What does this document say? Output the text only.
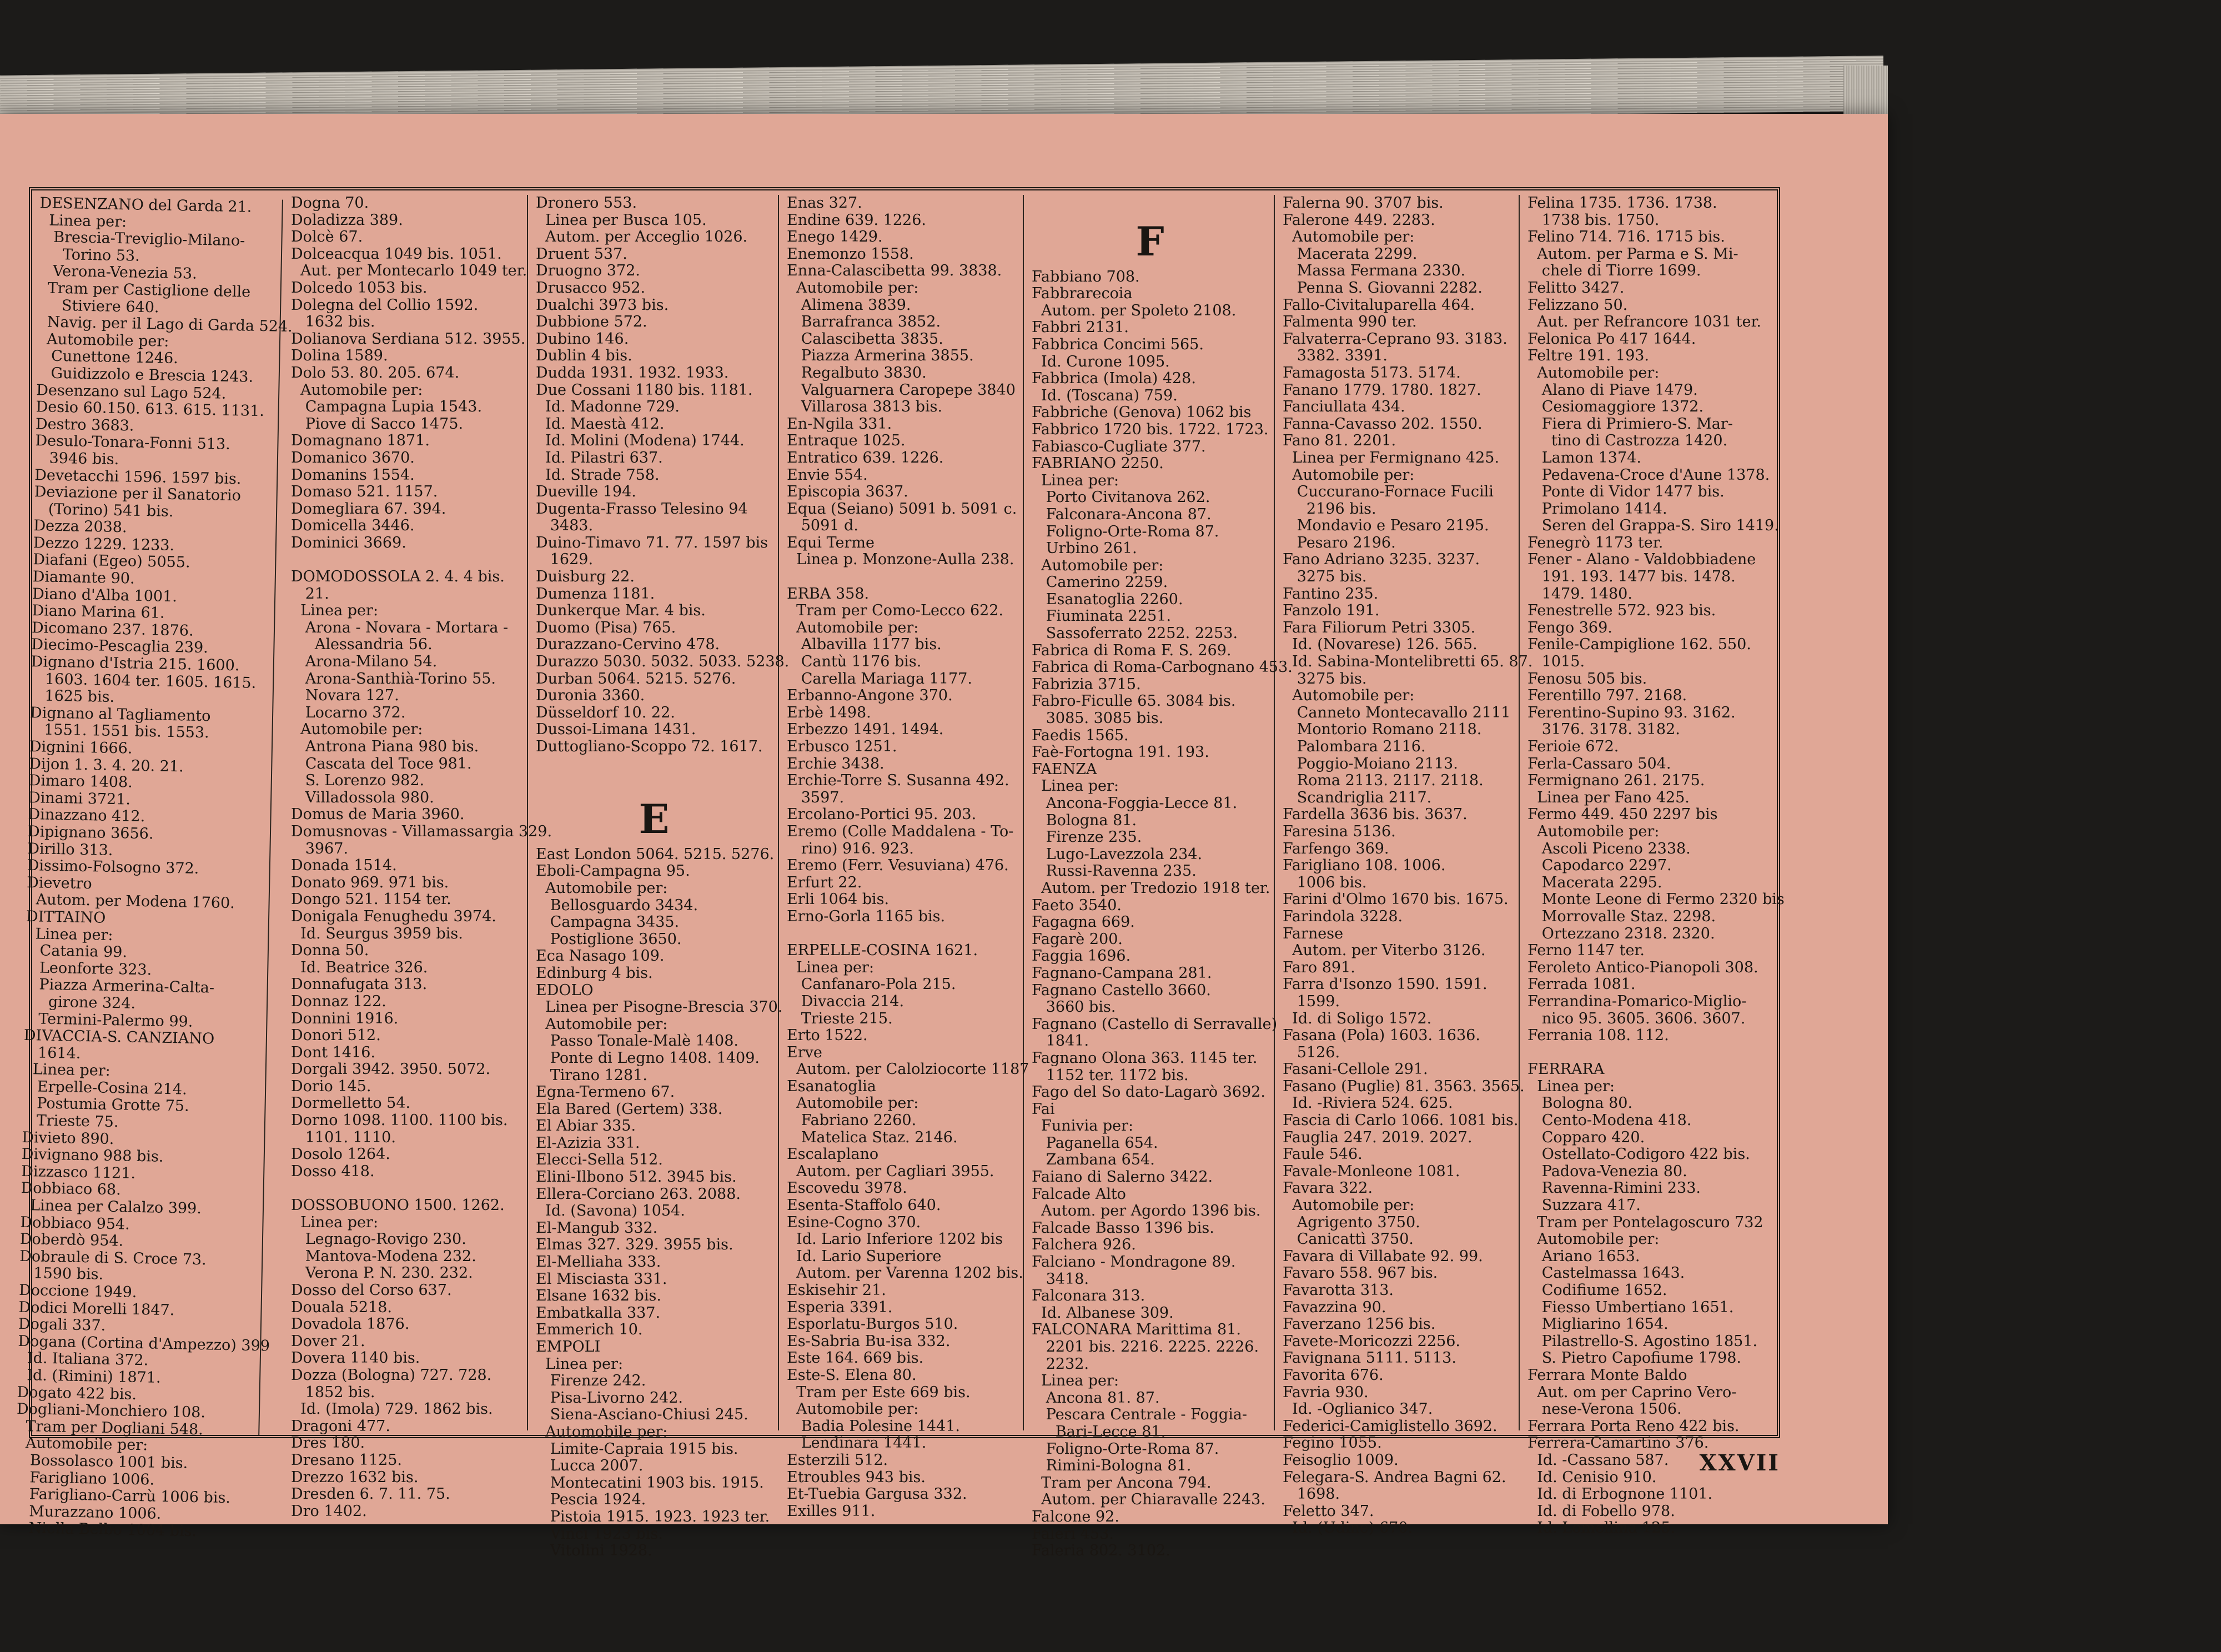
DESENZANO del Garda 21.
Linea per:
Brescia-Treviglio-Milano-
Torino 53.
Verona-Venezia 53.
Tram per Castiglione delle
Stiviere 640.
Navig. per il Lago di Garda 524.
Automobile per:
Cunettone 1246.
Guidizzolo e Brescia 1243.
Desenzano sul Lago 524.
Desio 60.150. 613. 615. 1131.
Destro 3683.
Desulo-Tonara-Fonni 513.
3946 bis.
Devetacchi 1596. 1597 bis.
Deviazione per il Sanatorio
(Torino) 541 bis.
Dezza 2038.
Dezzo 1229. 1233.
Diafani (Egeo) 5055.
Diamante 90.
Diano d'Alba 1001.
Diano Marina 61.
Dicomano 237. 1876.
Diecimo-Pescaglia 239.
Dignano d'Istria 215. 1600.
1603. 1604 ter. 1605. 1615.
1625 bis.
Dignano al Tagliamento
1551. 1551 bis. 1553.
Dignini 1666.
Dijon 1. 3. 4. 20. 21.
Dimaro 1408.
Dinami 3721.
Dinazzano 412.
Dipignano 3656.
Dirillo 313.
Dissimo-Folsogno 372.
Dievetro
Autom. per Modena 1760.
DITTAINO
Linea per:
Catania 99.
Leonforte 323.
Piazza Armerina-Calta-
girone 324.
Termini-Palermo 99.
DIVACCIA-S. CANZIANO
1614.
Linea per:
Erpelle-Cosina 214.
Postumia Grotte 75.
Trieste 75.
Divieto 890.
Divignano 988 bis.
Dizzasco 1121.
Dobbiaco 68.
Linea per Calalzo 399.
Dobbiaco 954.
Doberdò 954.
Dobraule di S. Croce 73.
1590 bis.
Doccione 1949.
Dodici Morelli 1847.
Dogali 337.
Dogana (Cortina d'Ampezzo) 399
Id. Italiana 372.
Id. (Rimini) 1871.
Dogato 422 bis.
Dogliani-Monchiero 108.
Tram per Dogliani 548.
Automobile per:
Bossolasco 1001 bis.
Farigliano 1006.
Farigliano-Carrù 1006 bis.
Murazzano 1006.
Niella Belbo 1004 bis.
Dogna 70.
Doladizza 389.
Dolcè 67.
Dolceacqua 1049 bis. 1051.
Aut. per Montecarlo 1049 ter.
Dolcedo 1053 bis.
Dolegna del Collio 1592.
1632 bis.
Dolianova Serdiana 512. 3955.
Dolina 1589.
Dolo 53. 80. 205. 674.
Automobile per:
Campagna Lupia 1543.
Piove di Sacco 1475.
Domagnano 1871.
Domanico 3670.
Domanins 1554.
Domaso 521. 1157.
Domegliara 67. 394.
Domicella 3446.
Dominici 3669.

DOMODOSSOLA 2. 4. 4 bis.
21.
Linea per:
Arona - Novara - Mortara -
Alessandria 56.
Arona-Milano 54.
Arona-Santhià-Torino 55.
Novara 127.
Locarno 372.
Automobile per:
Antrona Piana 980 bis.
Cascata del Toce 981.
S. Lorenzo 982.
Villadossola 980.
Domus de Maria 3960.
Domusnovas - Villamassargia 329.
3967.
Donada 1514.
Donato 969. 971 bis.
Dongo 521. 1154 ter.
Donigala Fenughedu 3974.
Id. Seurgus 3959 bis.
Donna 50.
Id. Beatrice 326.
Donnafugata 313.
Donnaz 122.
Donnini 1916.
Donori 512.
Dont 1416.
Dorgali 3942. 3950. 5072.
Dorio 145.
Dormelletto 54.
Dorno 1098. 1100. 1100 bis.
1101. 1110.
Dosolo 1264.
Dosso 418.

DOSSOBUONO 1500. 1262.
Linea per:
Legnago-Rovigo 230.
Mantova-Modena 232.
Verona P. N. 230. 232.
Dosso del Corso 637.
Douala 5218.
Dovadola 1876.
Dover 21.
Dovera 1140 bis.
Dozza (Bologna) 727. 728.
1852 bis.
Id. (Imola) 729. 1862 bis.
Dragoni 477.
Dres 180.
Dresano 1125.
Drezzo 1632 bis.
Dresden 6. 7. 11. 75.
Dro 1402.
Dronero 553.
Linea per Busca 105.
Autom. per Acceglio 1026.
Druent 537.
Druogno 372.
Drusacco 952.
Dualchi 3973 bis.
Dubbione 572.
Dubino 146.
Dublin 4 bis.
Dudda 1931. 1932. 1933.
Due Cossani 1180 bis. 1181.
Id. Madonne 729.
Id. Maestà 412.
Id. Molini (Modena) 1744.
Id. Pilastri 637.
Id. Strade 758.
Dueville 194.
Dugenta-Frasso Telesino 94
3483.
Duino-Timavo 71. 77. 1597 bis
1629.
Duisburg 22.
Dumenza 1181.
Dunkerque Mar. 4 bis.
Duomo (Pisa) 765.
Durazzano-Cervino 478.
Durazzo 5030. 5032. 5033. 5238.
Durban 5064. 5215. 5276.
Duronia 3360.
Düsseldorf 10. 22.
Dussoi-Limana 1431.
Duttogliano-Scoppo 72. 1617.

E
East London 5064. 5215. 5276.
Eboli-Campagna 95.
Automobile per:
Bellosguardo 3434.
Campagna 3435.
Postiglione 3650.
Eca Nasago 109.
Edinburg 4 bis.
EDOLO
Linea per Pisogne-Brescia 370.
Automobile per:
Passo Tonale-Malè 1408.
Ponte di Legno 1408. 1409.
Tirano 1281.
Egna-Termeno 67.
Ela Bared (Gertem) 338.
El Abiar 335.
El-Azizia 331.
Elecci-Sella 512.
Elini-Ilbono 512. 3945 bis.
Ellera-Corciano 263. 2088.
Id. (Savona) 1054.
El-Mangub 332.
Elmas 327. 329. 3955 bis.
El-Melliaha 333.
El Misciasta 331.
Elsane 1632 bis.
Embatkalla 337.
Emmerich 10.
EMPOLI
Linea per:
Firenze 242.
Pisa-Livorno 242.
Siena-Asciano-Chiusi 245.
Automobile per:
Limite-Capraia 1915 bis.
Lucca 2007.
Montecatini 1903 bis. 1915.
Pescia 1924.
Pistoia 1915. 1923. 1923 ter.
Vinci 1923 bis.
Vitolini 1928.
Enas 327.
Endine 639. 1226.
Enego 1429.
Enemonzo 1558.
Enna-Calascibetta 99. 3838.
Automobile per:
Alimena 3839.
Barrafranca 3852.
Calascibetta 3835.
Piazza Armerina 3855.
Regalbuto 3830.
Valguarnera Caropepe 3840
Villarosa 3813 bis.
En-Ngila 331.
Entraque 1025.
Entratico 639. 1226.
Envie 554.
Episcopia 3637.
Equa (Seiano) 5091 b. 5091 c.
5091 d.
Equi Terme
Linea p. Monzone-Aulla 238.

ERBA 358.
Tram per Como-Lecco 622.
Automobile per:
Albavilla 1177 bis.
Cantù 1176 bis.
Carella Mariaga 1177.
Erbanno-Angone 370.
Erbè 1498.
Erbezzo 1491. 1494.
Erbusco 1251.
Erchie 3438.
Erchie-Torre S. Susanna 492.
3597.
Ercolano-Portici 95. 203.
Eremo (Colle Maddalena - To-
rino) 916. 923.
Eremo (Ferr. Vesuviana) 476.
Erfurt 22.
Erli 1064 bis.
Erno-Gorla 1165 bis.

ERPELLE-COSINA 1621.
Linea per:
Canfanaro-Pola 215.
Divaccia 214.
Trieste 215.
Erto 1522.
Erve
Autom. per Calolziocorte 1187
Esanatoglia
Automobile per:
Fabriano 2260.
Matelica Staz. 2146.
Escalaplano
Autom. per Cagliari 3955.
Escovedu 3978.
Esenta-Staffolo 640.
Esine-Cogno 370.
Id. Lario Inferiore 1202 bis
Id. Lario Superiore
Autom. per Varenna 1202 bis.
Eskisehir 21.
Esperia 3391.
Esporlatu-Burgos 510.
Es-Sabria Bu-isa 332.
Este 164. 669 bis.
Este-S. Elena 80.
Tram per Este 669 bis.
Automobile per:
Badia Polesine 1441.
Lendinara 1441.
Esterzili 512.
Etroubles 943 bis.
Et-Tuebia Gargusa 332.
Exilles 911.

F
Fabbiano 708.
Fabbrarecoia
Autom. per Spoleto 2108.
Fabbri 2131.
Fabbrica Concimi 565.
Id. Curone 1095.
Fabbrica (Imola) 428.
Id. (Toscana) 759.
Fabbriche (Genova) 1062 bis
Fabbrico 1720 bis. 1722. 1723.
Fabiasco-Cugliate 377.
FABRIANO 2250.
Linea per:
Porto Civitanova 262.
Falconara-Ancona 87.
Foligno-Orte-Roma 87.
Urbino 261.
Automobile per:
Camerino 2259.
Esanatoglia 2260.
Fiuminata 2251.
Sassoferrato 2252. 2253.
Fabrica di Roma F. S. 269.
Fabrica di Roma-Carbognano 453.
Fabrizia 3715.
Fabro-Ficulle 65. 3084 bis.
3085. 3085 bis.
Faedis 1565.
Faè-Fortogna 191. 193.
FAENZA
Linea per:
Ancona-Foggia-Lecce 81.
Bologna 81.
Firenze 235.
Lugo-Lavezzola 234.
Russi-Ravenna 235.
Autom. per Tredozio 1918 ter.
Faeto 3540.
Fagagna 669.
Fagarè 200.
Faggia 1696.
Fagnano-Campana 281.
Fagnano Castello 3660.
3660 bis.
Fagnano (Castello di Serravalle)
1841.
Fagnano Olona 363. 1145 ter.
1152 ter. 1172 bis.
Fago del So dato-Lagarò 3692.
Fai
Funivia per:
Paganella 654.
Zambana 654.
Faiano di Salerno 3422.
Falcade Alto
Autom. per Agordo 1396 bis.
Falcade Basso 1396 bis.
Falchera 926.
Falciano - Mondragone 89.
3418.
Falconara 313.
Id. Albanese 309.
FALCONARA Marittima 81.
2201 bis. 2216. 2225. 2226.
2232.
Linea per:
Ancona 81. 87.
Pescara Centrale - Foggia-
Bari-Lecce 81.
Foligno-Orte-Roma 87.
Rimini-Bologna 81.
Tram per Ancona 794.
Autom. per Chiaravalle 2243.
Falcone 92.
Faleri 453.
Faleria 802. 3102.
Falerna 90. 3707 bis.
Falerone 449. 2283.
Automobile per:
Macerata 2299.
Massa Fermana 2330.
Penna S. Giovanni 2282.
Fallo-Civitaluparella 464.
Falmenta 990 ter.
Falvaterra-Ceprano 93. 3183.
3382. 3391.
Famagosta 5173. 5174.
Fanano 1779. 1780. 1827.
Fanciullata 434.
Fanna-Cavasso 202. 1550.
Fano 81. 2201.
Linea per Fermignano 425.
Automobile per:
Cuccurano-Fornace Fucili
2196 bis.
Mondavio e Pesaro 2195.
Pesaro 2196.
Fano Adriano 3235. 3237.
3275 bis.
Fantino 235.
Fanzolo 191.
Fara Filiorum Petri 3305.
Id. (Novarese) 126. 565.
Id. Sabina-Montelibretti 65. 87.
3275 bis.
Automobile per:
Canneto Montecavallo 2111
Montorio Romano 2118.
Palombara 2116.
Poggio-Moiano 2113.
Roma 2113. 2117. 2118.
Scandriglia 2117.
Fardella 3636 bis. 3637.
Faresina 5136.
Farfengo 369.
Farigliano 108. 1006.
1006 bis.
Farini d'Olmo 1670 bis. 1675.
Farindola 3228.
Farnese
Autom. per Viterbo 3126.
Faro 891.
Farra d'Isonzo 1590. 1591.
1599.
Id. di Soligo 1572.
Fasana (Pola) 1603. 1636.
5126.
Fasani-Cellole 291.
Fasano (Puglie) 81. 3563. 3565.
Id. -Riviera 524. 625.
Fascia di Carlo 1066. 1081 bis.
Fauglia 247. 2019. 2027.
Faule 546.
Favale-Monleone 1081.
Favara 322.
Automobile per:
Agrigento 3750.
Canicattì 3750.
Favara di Villabate 92. 99.
Favaro 558. 967 bis.
Favarotta 313.
Favazzina 90.
Faverzano 1256 bis.
Favete-Moricozzi 2256.
Favignana 5111. 5113.
Favorita 676.
Favria 930.
Id. -Oglianico 347.
Federici-Camiglistello 3692.
Fegino 1055.
Feisoglio 1009.
Felegara-S. Andrea Bagni 62.
1698.
Feletto 347.
Id. (Udine) 670.
Felina 1735. 1736. 1738.
1738 bis. 1750.
Felino 714. 716. 1715 bis.
Autom. per Parma e S. Mi-
chele di Tiorre 1699.
Felitto 3427.
Felizzano 50.
Aut. per Refrancore 1031 ter.
Felonica Po 417 1644.
Feltre 191. 193.
Automobile per:
Alano di Piave 1479.
Cesiomaggiore 1372.
Fiera di Primiero-S. Mar-
tino di Castrozza 1420.
Lamon 1374.
Pedavena-Croce d'Aune 1378.
Ponte di Vidor 1477 bis.
Primolano 1414.
Seren del Grappa-S. Siro 1419.
Fenegrò 1173 ter.
Fener - Alano - Valdobbiadene
191. 193. 1477 bis. 1478.
1479. 1480.
Fenestrelle 572. 923 bis.
Fengo 369.
Fenile-Campiglione 162. 550.
1015.
Fenosu 505 bis.
Ferentillo 797. 2168.
Ferentino-Supino 93. 3162.
3176. 3178. 3182.
Ferioie 672.
Ferla-Cassaro 504.
Fermignano 261. 2175.
Linea per Fano 425.
Fermo 449. 450 2297 bis
Automobile per:
Ascoli Piceno 2338.
Capodarco 2297.
Macerata 2295.
Monte Leone di Fermo 2320 bis
Morrovalle Staz. 2298.
Ortezzano 2318. 2320.
Ferno 1147 ter.
Feroleto Antico-Pianopoli 308.
Ferrada 1081.
Ferrandina-Pomarico-Miglio-
nico 95. 3605. 3606. 3607.
Ferrania 108. 112.

FERRARA
Linea per:
Bologna 80.
Cento-Modena 418.
Copparo 420.
Ostellato-Codigoro 422 bis.
Padova-Venezia 80.
Ravenna-Rimini 233.
Suzzara 417.
Tram per Pontelagoscuro 732
Automobile per:
Ariano 1653.
Castelmassa 1643.
Codifiume 1652.
Fiesso Umbertiano 1651.
Migliarino 1654.
Pilastrello-S. Agostino 1851.
S. Pietro Capofiume 1798.
Ferrara Monte Baldo
Aut. om per Caprino Vero-
nese-Verona 1506.
Ferrara Porta Reno 422 bis.
Ferrera-Camartino 376.
Id. -Cassano 587.
Id. Cenisio 910.
Id. di Erbognone 1101.
Id. di Fobello 978.
Id. Lomellina 125.
XXVII
